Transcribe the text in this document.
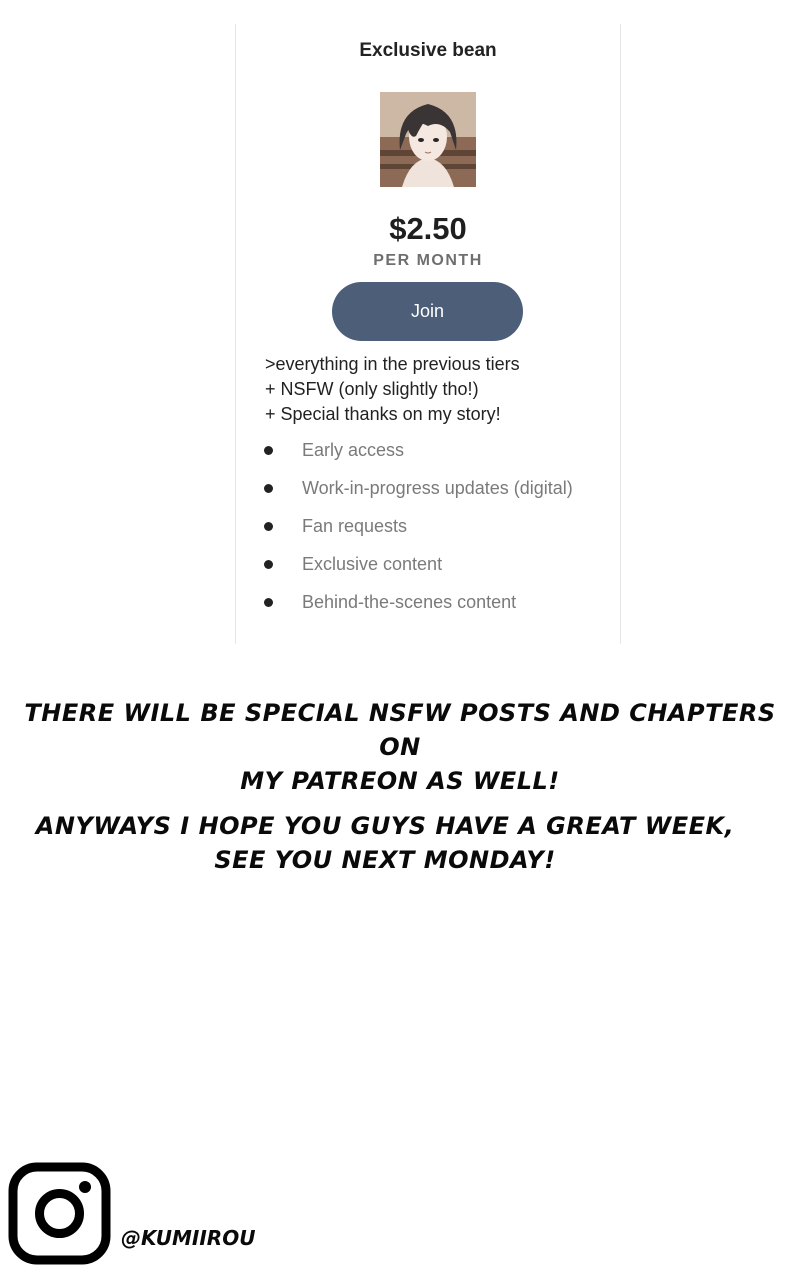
Exclusive bean
$2.50
PER MONTH
Join
>everything in the previous tiers
+ NSFW (only slightly tho!)
+ Special thanks on my story!
Early access
Work-in-progress updates (digital)
Fan requests
Exclusive content
Behind-the-scenes content
THERE WILL BE SPECIAL NSFW POSTS AND CHAPTERS ON
MY PATREON AS WELL!
ANYWAYS I HOPE YOU GUYS HAVE A GREAT WEEK,
SEE YOU NEXT MONDAY!
@KUMIIROU
